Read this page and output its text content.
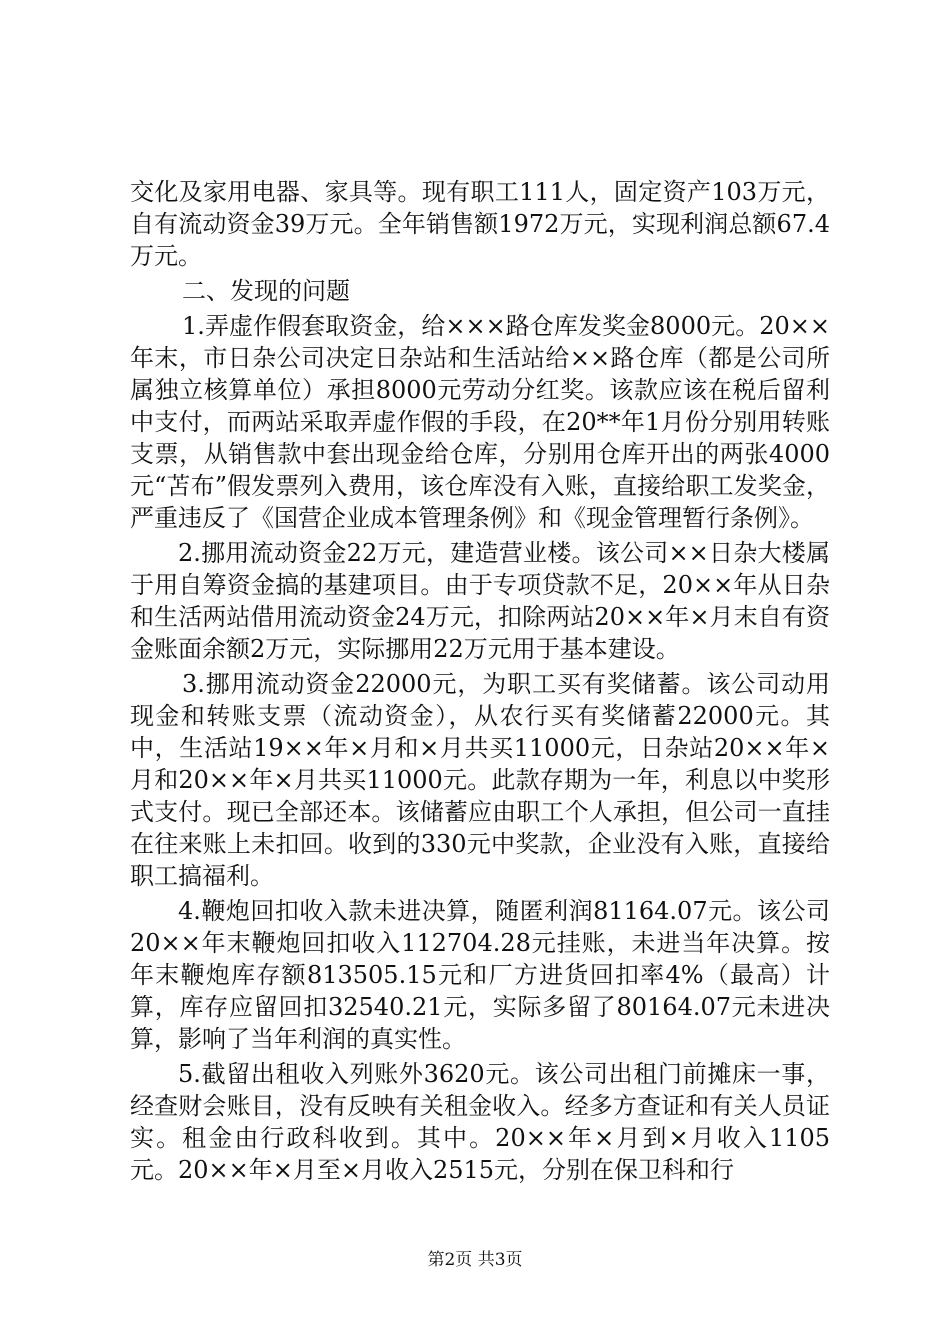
交化及家用电器、家具等。现有职工111人，固定资产103万元，自有流动资金39万元。全年销售额1972万元，实现利润总额67.4万元。

二、发现的问题

1.弄虚作假套取资金，给×××路仓库发奖金8000元。20××年末，市日杂公司决定日杂站和生活站给××路仓库（都是公司所属独立核算单位）承担8000元劳动分红奖。该款应该在税后留利中支付，而两站采取弄虚作假的手段，在20**年1月份分别用转账支票，从销售款中套出现金给仓库，分别用仓库开出的两张4000元“苫布”假发票列入费用，该仓库没有入账，直接给职工发奖金，严重违反了《国营企业成本管理条例》和《现金管理暂行条例》。

2.挪用流动资金22万元，建造营业楼。该公司××日杂大楼属于用自筹资金搞的基建项目。由于专项贷款不足，20××年从日杂和生活两站借用流动资金24万元，扣除两站20××年×月末自有资金账面余额2万元，实际挪用22万元用于基本建设。

3.挪用流动资金22000元，为职工买有奖储蓄。该公司动用现金和转账支票（流动资金），从农行买有奖储蓄22000元。其中，生活站19××年×月和×月共买11000元，日杂站20××年×月和20××年×月共买11000元。此款存期为一年，利息以中奖形式支付。现已全部还本。该储蓄应由职工个人承担，但公司一直挂在往来账上未扣回。收到的330元中奖款，企业没有入账，直接给职工搞福利。

4.鞭炮回扣收入款未进决算，随匿利润81164.07元。该公司20××年末鞭炮回扣收入112704.28元挂账，未进当年决算。按年末鞭炮库存额813505.15元和厂方进货回扣率4%（最高）计算，库存应留回扣32540.21元，实际多留了80164.07元未进决算，影响了当年利润的真实性。

5.截留出租收入列账外3620元。该公司出租门前摊床一事，经查财会账目，没有反映有关租金收入。经多方查证和有关人员证实。租金由行政科收到。其中。20××年×月到×月收入1105元。20××年×月至×月收入2515元，分别在保卫科和行

第2页 共3页
